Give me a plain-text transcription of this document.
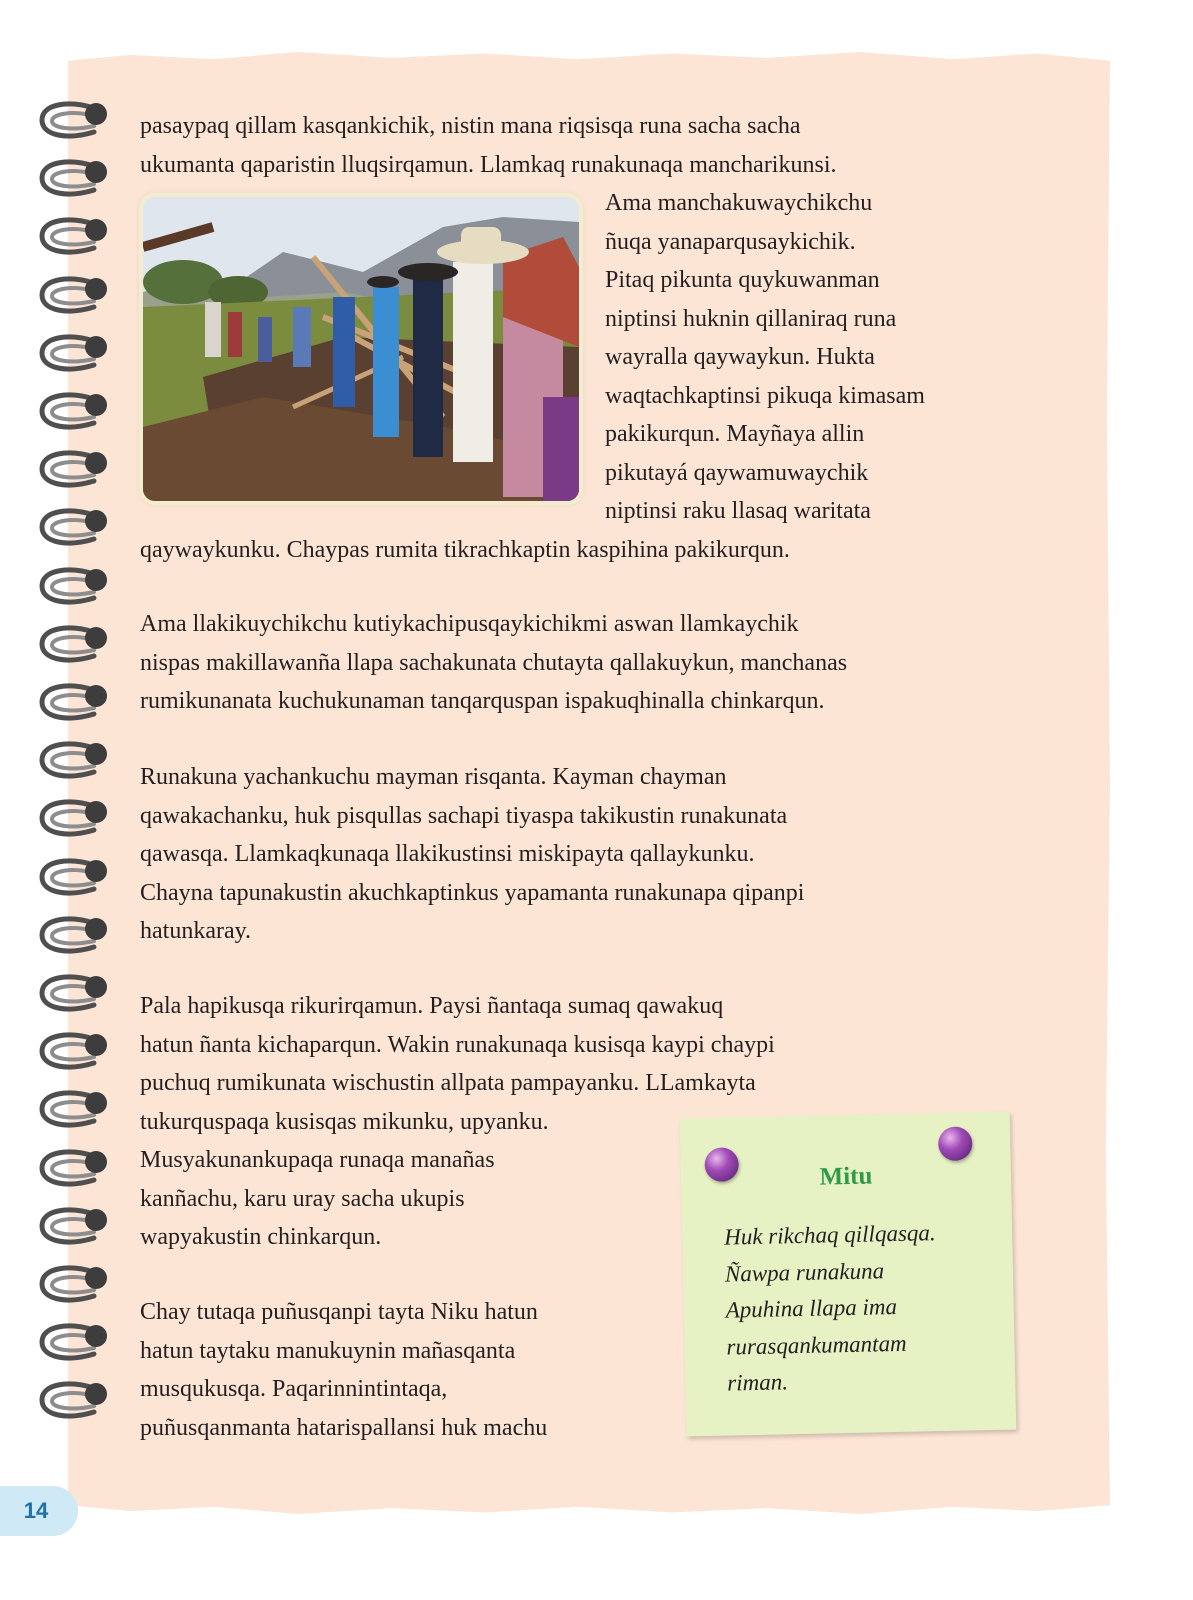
pasaypaq qillam kasqankichik, nistin mana riqsisqa runa sacha sacha

ukumanta qaparistin lluqsirqamun. Llamkaq runakunaqa mancharikunsi.

Ama manchakuwaychikchu

ñuqa yanaparqusaykichik.

Pitaq pikunta quykuwanman

niptinsi huknin qillaniraq runa

wayralla qaywaykun. Hukta

waqtachkaptinsi pikuqa kimasam

pakikurqun. Mayñaya allin

pikutayá qaywamuwaychik

niptinsi raku llasaq waritata

qaywaykunku. Chaypas rumita tikrachkaptin kaspihina pakikurqun.

Ama llakikuychikchu kutiykachipusqaykichikmi aswan llamkaychik

nispas makillawanña llapa sachakunata chutayta qallakuykun, manchanas

rumikunanata kuchukunaman tanqarquspan ispakuqhinalla chinkarqun.

Runakuna yachankuchu mayman risqanta. Kayman chayman

qawakachanku, huk pisqullas sachapi tiyaspa takikustin runakunata

qawasqa. Llamkaqkunaqa llakikustinsi miskipayta qallaykunku.

Chayna tapunakustin akuchkaptinkus yapamanta runakunapa qipanpi

hatunkaray.

Pala hapikusqa rikurirqamun. Paysi ñantaqa sumaq qawakuq

hatun ñanta kichaparqun. Wakin runakunaqa kusisqa kaypi chaypi

puchuq rumikunata wischustin allpata pampayanku. LLamkayta

tukurquspaqa kusisqas mikunku, upyanku.

Musyakunankupaqa runaqa manañas

kanñachu, karu uray sacha ukupis

wapyakustin chinkarqun.

Chay tutaqa puñusqanpi tayta Niku hatun

hatun taytaku manukuynin mañasqanta

musqukusqa. Paqarinnintintaqa,

puñusqanmanta hatarispallansi huk machu

Mitu

Huk rikchaq qillqasqa.
Ñawpa runakuna
Apuhina llapa ima
rurasqankumantam
riman.
14
